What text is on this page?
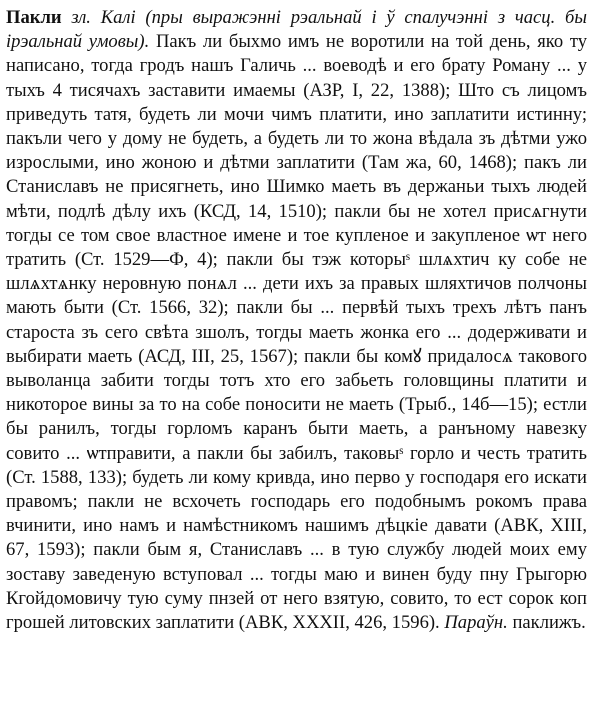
Пакли зл. Калі (пры выражэнні рэальнай і ў спалучэнні з часц. бы ірэальнай умовы). Пакъ ли быхмо имъ не воротили на той день, яко ту написано, тогда гродъ нашъ Галичь ... воеводѣ и его брату Роману ... у тыхъ 4 тисячахъ заставити имаемы (АЗР, І, 22, 1388); Што съ лицомъ приведуть татя, будеть ли мочи чимъ платити, ино заплатити истинну; пакъли чего у дому не будеть, а будеть ли то жона вѣдала зъ дѣтми ужо изрослыми, ино жоною и дѣтми заплатити (Там жа, 60, 1468); пакъ ли Станиславъ не присягнеть, ино Шимко маеть въ держаньи тыхъ людей мѣти, подлѣ дѣлу ихъ (КСД, 14, 1510); пакли бы не хотел присѧгнути тогды се том свое властное имене и тое купленое и закупленое ѡт него тратить (Ст. 1529—Ф, 4); пакли бы тэж которыˢ шлѧхтич ку собе не шлѧхтѧнку неровную понѧл ... дети ихъ за правых шляхтичов полчоны мають быти (Ст. 1566, 32); пакли бы ... первѣй тыхъ трехъ лѣтъ панъ староста зъ сего свѣта зшолъ, тогды маеть жонка его ... додерживати и выбирати маеть (АСД, III, 25, 1567); пакли бы комꙋ придалосѧ такового выволанца забити тогды тотъ хто его забьеть головщины платити и никоторое вины за то на собе поносити не маеть (Трыб., 14б—15); естли бы ранилъ, тогды горломъ каранъ быти маеть, а ранъному навезку совито ... ѡтправити, а пакли бы забилъ, таковыˢ горло и честь тратить (Ст. 1588, 133); будеть ли кому кривда, ино перво у господаря его искати правомъ; пакли не всхочеть господарь его подобнымъ рокомъ права вчинити, ино намъ и намѣстникомъ нашимъ дѣцкіе давати (АВК, XIII, 67, 1593); пакли бым я, Станиславъ ... в тую службу людей моих ему зоставу заведеную вступовал ... тогды маю и винен буду пну Грыгорю Кгойдомовичу тую суму пнзей от него взятую, совито, то ест сорок коп грошей литовских заплатити (АВК, XXXII, 426, 1596). Парaўн. паклижъ.
